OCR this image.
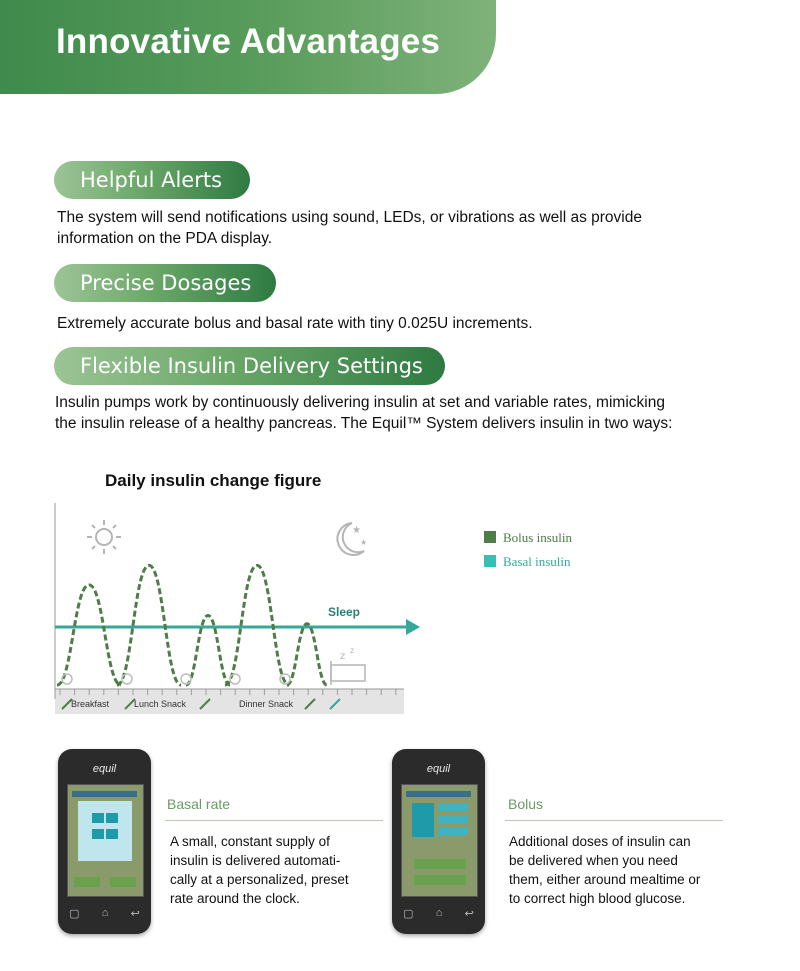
Innovative Advantages
Helpful Alerts
The system will send notifications using sound, LEDs, or vibrations as well as provide
information on the PDA display.
Precise Dosages
Extremely accurate bolus and basal rate with tiny 0.025U increments.
Flexible Insulin Delivery Settings
Insulin pumps work by continuously delivering insulin at set and variable rates, mimicking
the insulin release of a healthy pancreas. The Equil™ System delivers insulin in two ways:
Daily insulin change figure
★
★
Sleep
z
z
Breakfast	Lunch Snack	Dinner Snack
Bolus insulin
Basal insulin
equil
▢ ⌂ ↩
Basal rate
A small, constant supply of
insulin is delivered automati-
cally at a personalized, preset
rate around the clock.
equil
▢ ⌂ ↩
Bolus
Additional doses of insulin can
be delivered when you need
them, either around mealtime or
to correct high blood glucose.
